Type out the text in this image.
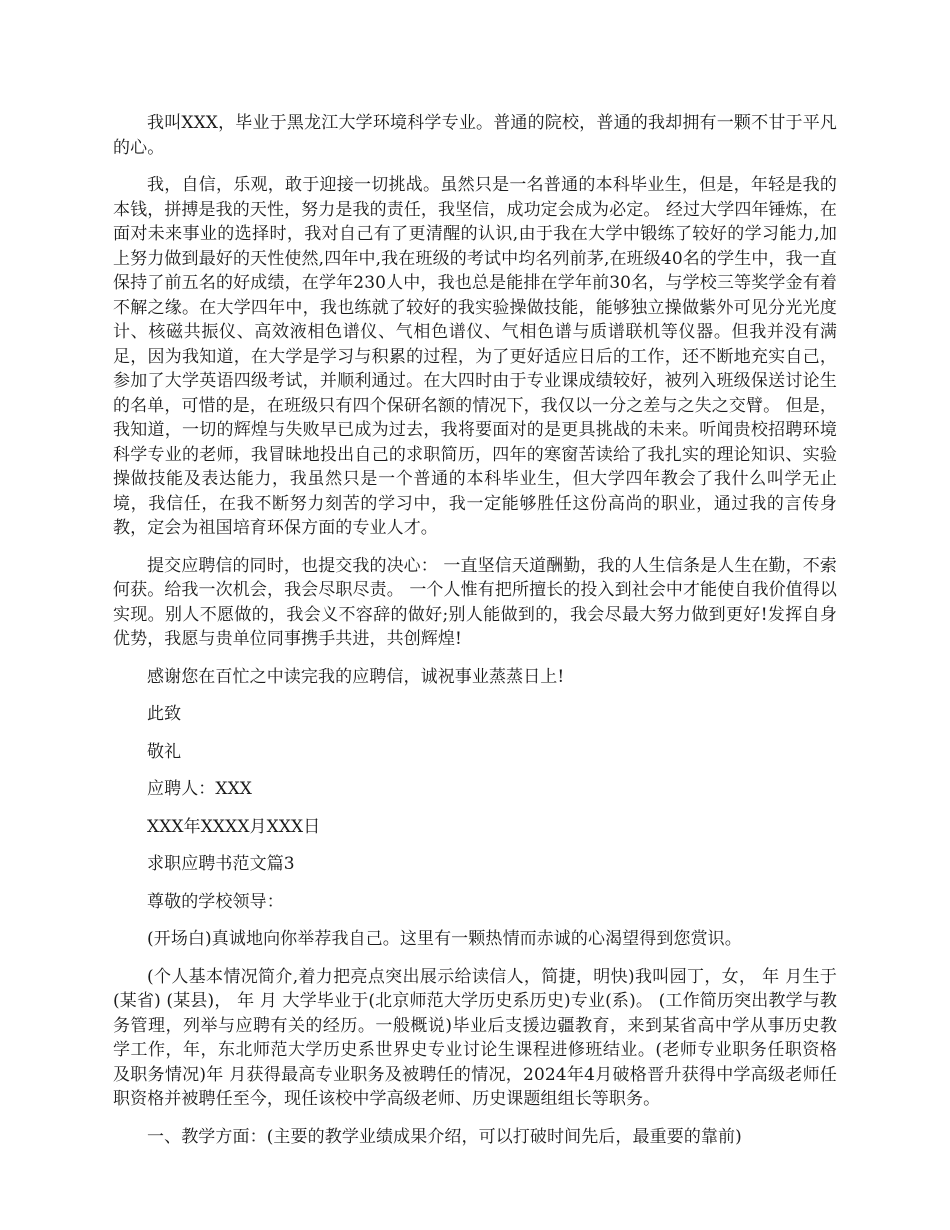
我叫XXX，毕业于黑龙江大学环境科学专业。普通的院校，普通的我却拥有一颗不甘于平凡的心。

我，自信，乐观，敢于迎接一切挑战。虽然只是一名普通的本科毕业生，但是，年轻是我的本钱，拼搏是我的天性，努力是我的责任，我坚信，成功定会成为必定。 经过大学四年锤炼，在面对未来事业的选择时，我对自己有了更清醒的认识,由于我在大学中锻练了较好的学习能力,加上努力做到最好的天性使然,四年中,我在班级的考试中均名列前茅,在班级40名的学生中，我一直保持了前五名的好成绩，在学年230人中，我也总是能排在学年前30名，与学校三等奖学金有着不解之缘。在大学四年中，我也练就了较好的我实验操做技能，能够独立操做紫外可见分光光度计、核磁共振仪、高效液相色谱仪、气相色谱仪、气相色谱与质谱联机等仪器。但我并没有满足，因为我知道，在大学是学习与积累的过程，为了更好适应日后的工作，还不断地充实自己，参加了大学英语四级考试，并顺利通过。在大四时由于专业课成绩较好，被列入班级保送讨论生的名单，可惜的是，在班级只有四个保研名额的情况下，我仅以一分之差与之失之交臂。 但是，我知道，一切的辉煌与失败早已成为过去，我将要面对的是更具挑战的未来。听闻贵校招聘环境科学专业的老师，我冒昧地投出自己的求职简历，四年的寒窗苦读给了我扎实的理论知识、实验操做技能及表达能力，我虽然只是一个普通的本科毕业生，但大学四年教会了我什么叫学无止境，我信任，在我不断努力刻苦的学习中，我一定能够胜任这份高尚的职业，通过我的言传身教，定会为祖国培育环保方面的专业人才。

提交应聘信的同时，也提交我的决心： 一直坚信天道酬勤，我的人生信条是人生在勤，不索何获。给我一次机会，我会尽职尽责。 一个人惟有把所擅长的投入到社会中才能使自我价值得以实现。别人不愿做的，我会义不容辞的做好;别人能做到的，我会尽最大努力做到更好!发挥自身优势，我愿与贵单位同事携手共进，共创辉煌!

感谢您在百忙之中读完我的应聘信，诚祝事业蒸蒸日上!

此致

敬礼

应聘人：XXX

XXX年XXXX月XXX日

求职应聘书范文篇3

尊敬的学校领导：

(开场白)真诚地向你举荐我自己。这里有一颗热情而赤诚的心渴望得到您赏识。

(个人基本情况简介,着力把亮点突出展示给读信人，简捷，明快)我叫园丁，女， 年 月生于 (某省) (某县)， 年 月 大学毕业于(北京师范大学历史系历史)专业(系)。 (工作简历突出教学与教务管理，列举与应聘有关的经历。一般概说)毕业后支援边疆教育，来到某省高中学从事历史教学工作，年，东北师范大学历史系世界史专业讨论生课程进修班结业。(老师专业职务任职资格及职务情况)年 月获得最高专业职务及被聘任的情况，2024年4月破格晋升获得中学高级老师任职资格并被聘任至今，现任该校中学高级老师、历史课题组组长等职务。

一、教学方面：(主要的教学业绩成果介绍，可以打破时间先后，最重要的靠前)
